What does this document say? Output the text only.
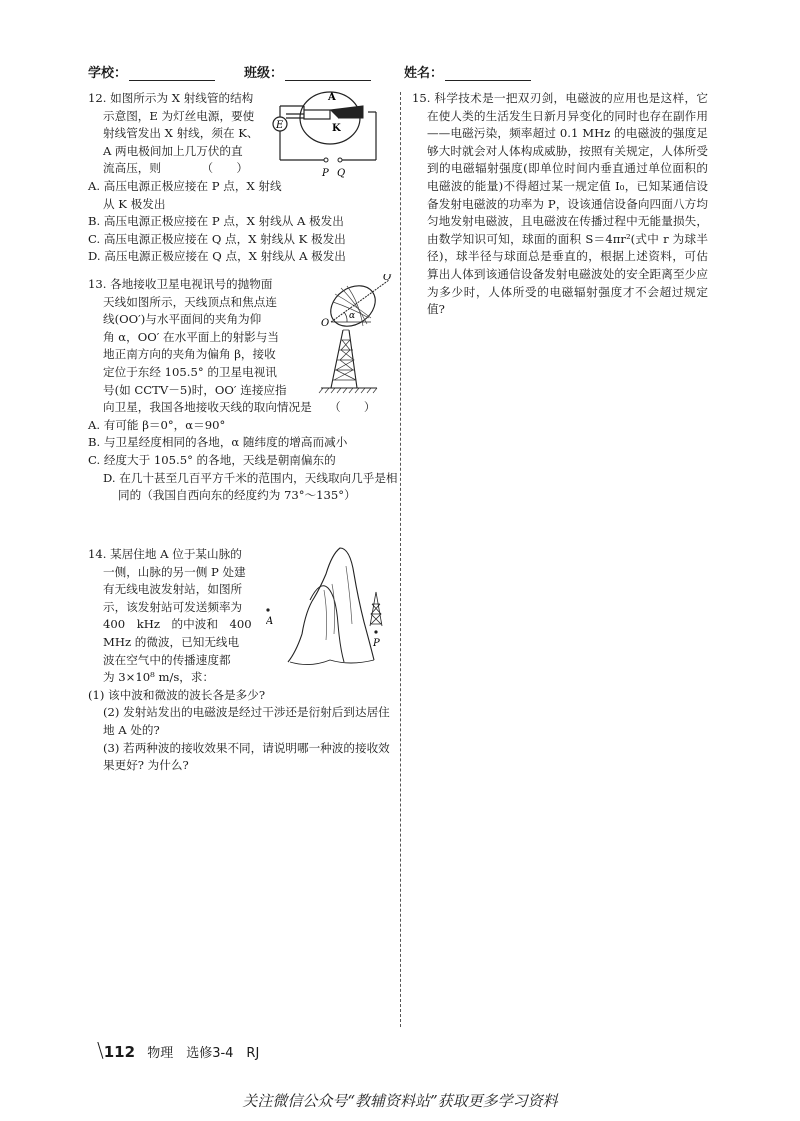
学校：	班级：	姓名：
12. 如图所示为 X 射线管的结构
示意图，E 为灯丝电源，要使
射线管发出 X 射线，须在 K、
A 两电极间加上几万伏的直
流高压，则　　　　（　　）
A. 高压电源正极应接在 P 点，X 射线从 K 极发出
B. 高压电源正极应接在 P 点，X 射线从 A 极发出
C. 高压电源正极应接在 Q 点，X 射线从 K 极发出
D. 高压电源正极应接在 Q 点，X 射线从 A 极发出
E
A
K
P Q
13. 各地接收卫星电视讯号的抛物面
天线如图所示，天线顶点和焦点连
线(OO′)与水平面间的夹角为仰
角 α，OO′ 在水平面上的射影与当
地正南方向的夹角为偏角 β，接收
定位于东经 105.5° 的卫星电视讯
号(如 CCTV－5)时，OO′ 连接应指
向卫星，我国各地接收天线的取向情况是　　（　　）
A. 有可能 β＝0°，α＝90°
B. 与卫星经度相同的各地，α 随纬度的增高而减小
C. 经度大于 105.5° 的各地，天线是朝南偏东的
D. 在几十甚至几百平方千米的范围内，天线取向几乎是相同的（我国自西向东的经度约为 73°～135°）
α
O
O′
14. 某居住地 A 位于某山脉的
一侧，山脉的另一侧 P 处建
有无线电波发射站，如图所
示，该发射站可发送频率为
400　kHz　的中波和　400
MHz 的微波，已知无线电
波在空气中的传播速度都
为 3×10⁸ m/s，求：
(1) 该中波和微波的波长各是多少?
(2) 发射站发出的电磁波是经过干涉还是衍射后到达居住地 A 处的?
(3) 若两种波的接收效果不同，请说明哪一种波的接收效果更好? 为什么?
A
P
15. 科学技术是一把双刃剑，电磁波的应用也是这样，它在使人类的生活发生日新月异变化的同时也存在副作用——电磁污染，频率超过 0.1 MHz 的电磁波的强度足够大时就会对人体构成威胁，按照有关规定，人体所受到的电磁辐射强度(即单位时间内垂直通过单位面积的电磁波的能量)不得超过某一规定值 I₀，已知某通信设备发射电磁波的功率为 P，设该通信设备向四面八方均匀地发射电磁波，且电磁波在传播过程中无能量损失，由数学知识可知，球面的面积 S＝4πr²(式中 r 为球半径)，球半径与球面总是垂直的，根据上述资料，可估算出人体到该通信设备发射电磁波处的安全距离至少应为多少时，人体所受的电磁辐射强度才不会超过规定值?
\112 物理　选修3-4　RJ
关注微信公众号“教辅资料站”获取更多学习资料
